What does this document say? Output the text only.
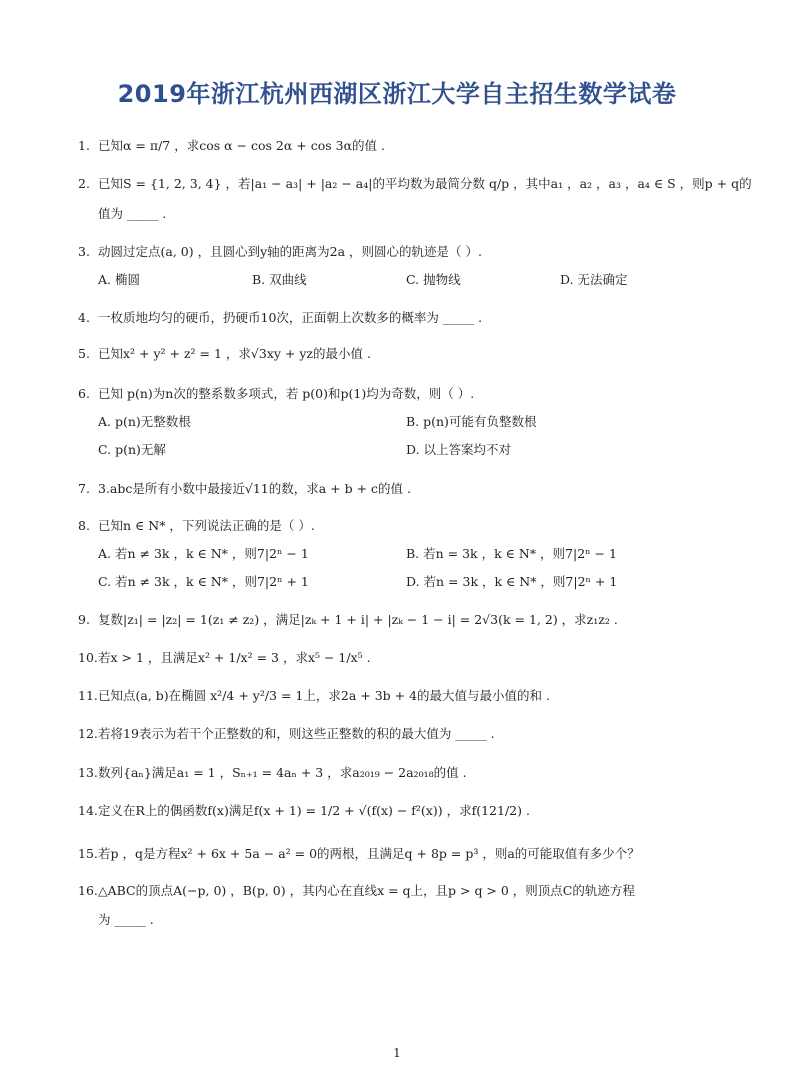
2019年浙江杭州西湖区浙江大学自主招生数学试卷
1. 已知α = π/7 ，求cos α − cos 2α + cos 3α的值 .
2. 已知S = {1, 2, 3, 4} ，若|a₁ − a₃| + |a₂ − a₄|的平均数为最简分数 q/p ，其中a₁ ，a₂ ，a₃ ，a₄ ∈ S ，则p + q的
值为 _____ .
3. 动圆过定点(a, 0) ，且圆心到y轴的距离为2a ，则圆心的轨迹是（ ）.
A. 椭圆	B. 双曲线	C. 抛物线	D. 无法确定
4. 一枚质地均匀的硬币，扔硬币10次，正面朝上次数多的概率为 _____ .
5. 已知x² + y² + z² = 1 ，求√3xy + yz的最小值 .
6. 已知 p(n)为n次的整系数多项式，若 p(0)和p(1)均为奇数，则（ ）.
A. p(n)无整数根	B. p(n)可能有负整数根
C. p(n)无解	D. 以上答案均不对
7. 3.abc是所有小数中最接近√11的数，求a + b + c的值 .
8. 已知n ∈ N* ，下列说法正确的是（ ）.
A. 若n ≠ 3k ，k ∈ N* ，则7|2ⁿ − 1	B. 若n = 3k ，k ∈ N* ，则7|2ⁿ − 1
C. 若n ≠ 3k ，k ∈ N* ，则7|2ⁿ + 1	D. 若n = 3k ，k ∈ N* ，则7|2ⁿ + 1
9. 复数|z₁| = |z₂| = 1(z₁ ≠ z₂) ，满足|zₖ + 1 + i| + |zₖ − 1 − i| = 2√3(k = 1, 2) ，求z₁z₂ .
10.若x > 1 ，且满足x² + 1/x² = 3 ，求x⁵ − 1/x⁵ .
11.已知点(a, b)在椭圆 x²/4 + y²/3 = 1上，求2a + 3b + 4的最大值与最小值的和 .
12.若将19表示为若干个正整数的和，则这些正整数的积的最大值为 _____ .
13.数列{aₙ}满足a₁ = 1 ，Sₙ₊₁ = 4aₙ + 3 ，求a₂₀₁₉ − 2a₂₀₁₈的值 .
14.定义在R上的偶函数f(x)满足f(x + 1) = 1/2 + √(f(x) − f²(x)) ，求f(121/2) .
15.若p ，q是方程x² + 6x + 5a − a² = 0的两根，且满足q + 8p = p³ ，则a的可能取值有多少个？
16.△ABC的顶点A(−p, 0) ，B(p, 0) ，其内心在直线x = q上，且p > q > 0 ，则顶点C的轨迹方程
为 _____ .
1
